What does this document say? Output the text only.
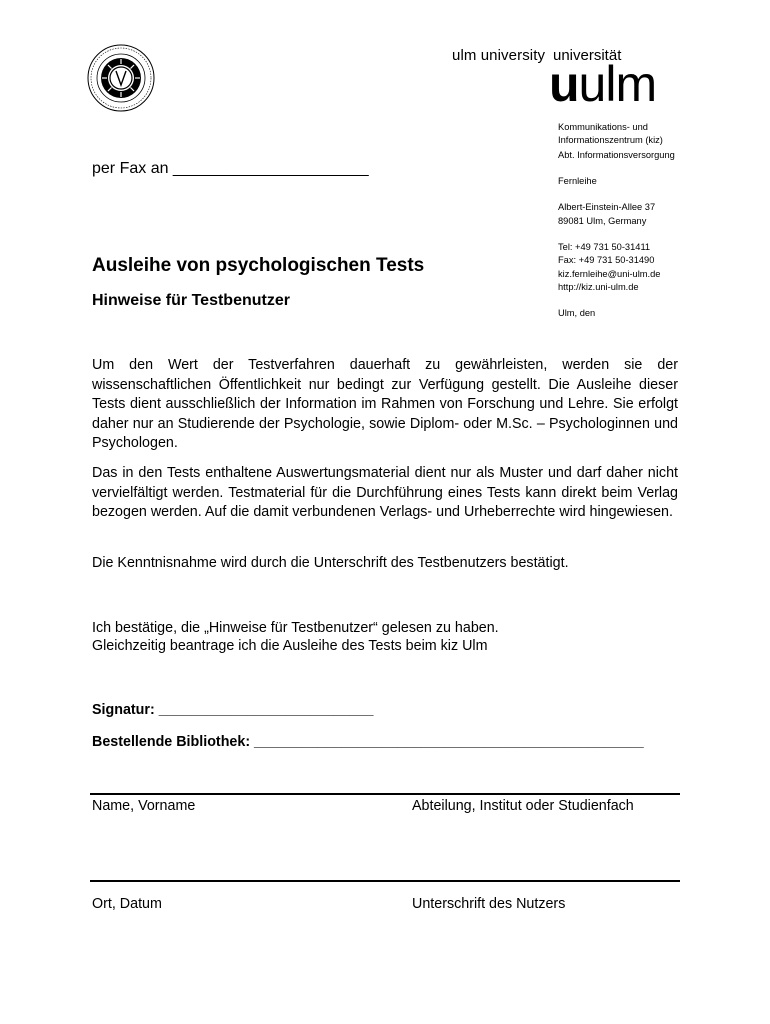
ulm university universität
uulm
Kommunikations- und
Informationszentrum (kiz)
Abt. Informationsversorgung
Fernleihe
Albert-Einstein-Allee 37
89081 Ulm, Germany
Tel: +49 731 50-31411
Fax: +49 731 50-31490
kiz.fernleihe@uni-ulm.de
http://kiz.uni-ulm.de
Ulm, den
per Fax an ______________________
Ausleihe von psychologischen Tests
Hinweise für Testbenutzer
Um den Wert der Testverfahren dauerhaft zu gewährleisten, werden sie der wissenschaftlichen Öffentlichkeit nur bedingt zur Verfügung gestellt. Die Ausleihe dieser Tests dient ausschließlich der Information im Rahmen von Forschung und Lehre. Sie erfolgt daher nur an Studierende der Psychologie, sowie Diplom- oder M.Sc. – Psychologinnen und Psychologen.
Das in den Tests enthaltene Auswertungsmaterial dient nur als Muster und darf daher nicht vervielfältigt werden. Testmaterial für die Durchführung eines Tests kann direkt beim Verlag bezogen werden. Auf die damit verbundenen Verlags- und Urheberrechte wird hingewiesen.
Die Kenntnisnahme wird durch die Unterschrift des Testbenutzers bestätigt.
Ich bestätige, die „Hinweise für Testbenutzer“ gelesen zu haben.
Gleichzeitig beantrage ich die Ausleihe des Tests beim kiz Ulm
Signatur: ___________________________
Bestellende Bibliothek: _________________________________________________
Name, Vorname	Abteilung, Institut oder Studienfach
Ort, Datum	Unterschrift des Nutzers
